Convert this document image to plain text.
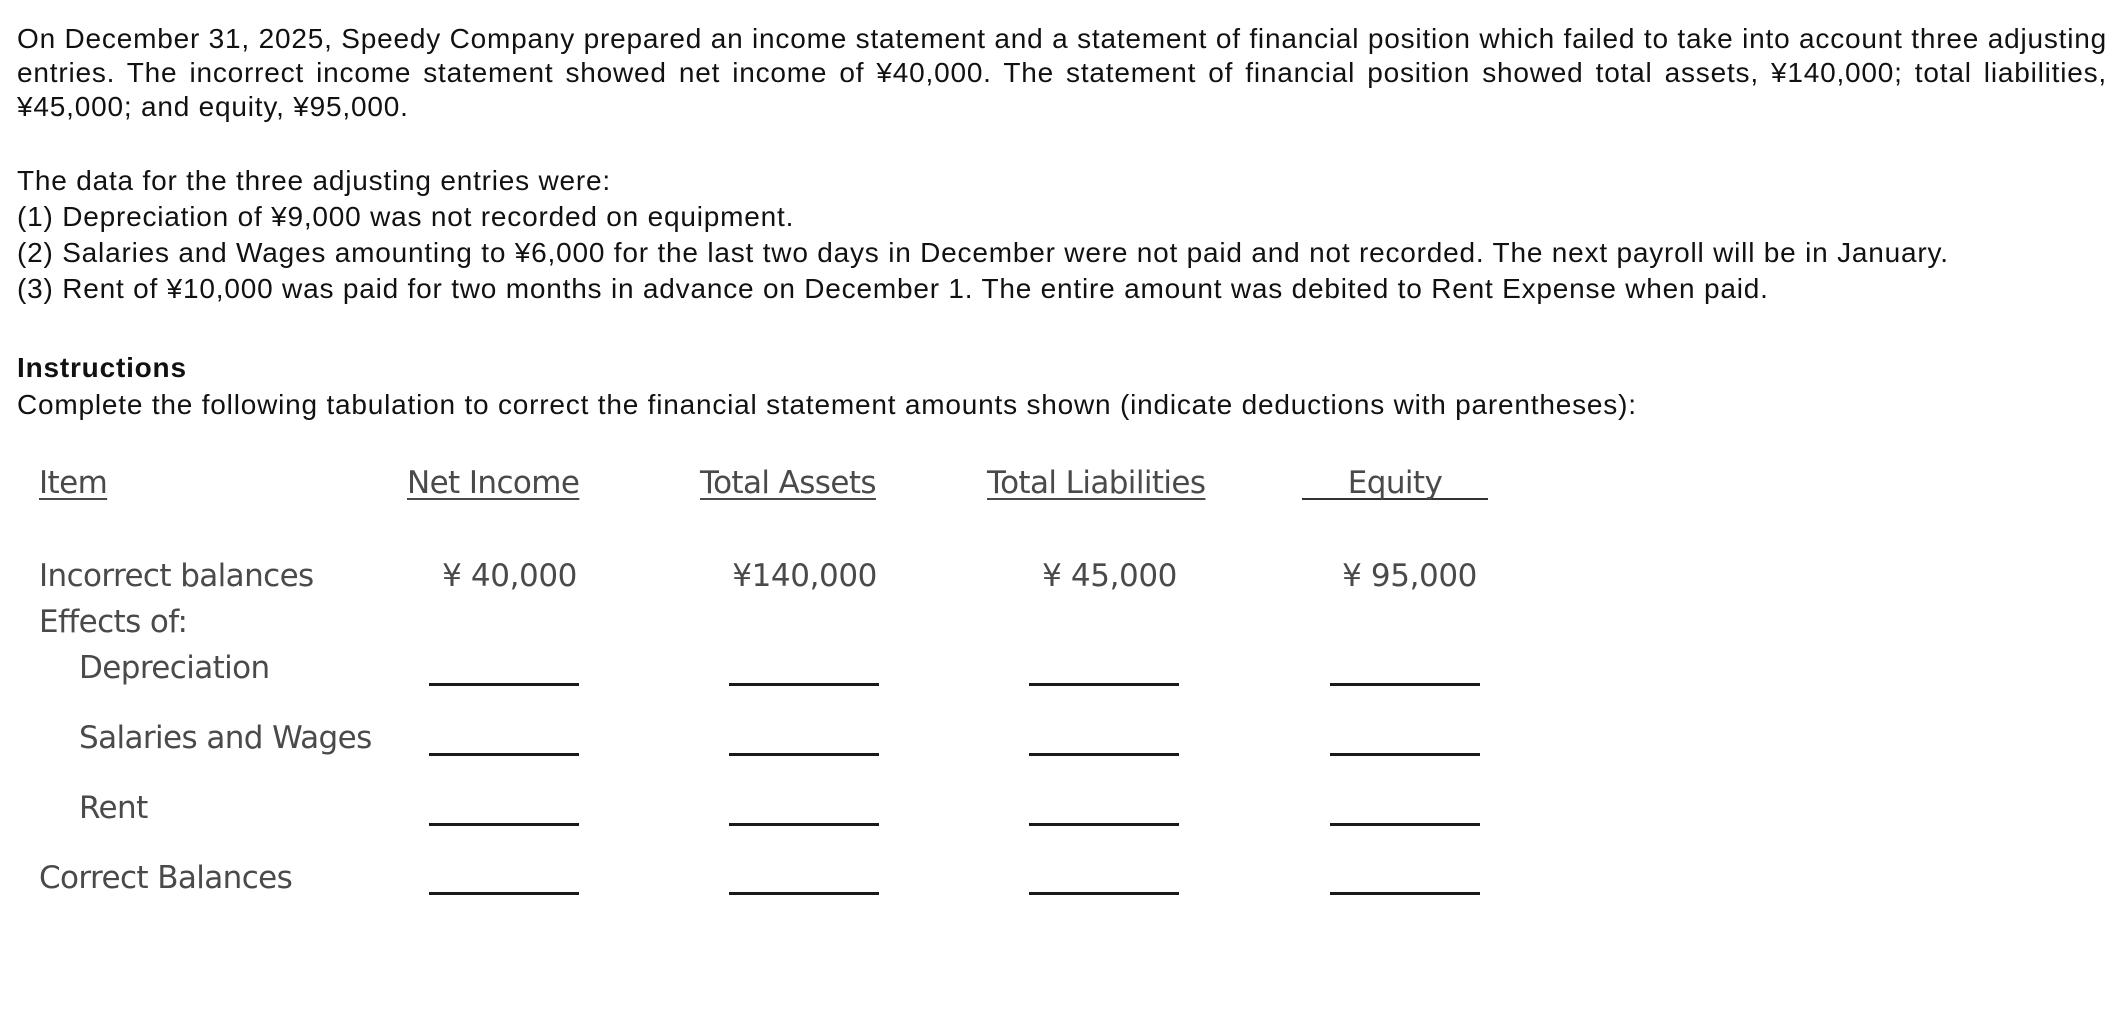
On December 31, 2025, Speedy Company prepared an income statement and a statement of financial position which failed to take into account three adjusting entries. The incorrect income statement showed net income of ¥40,000. The statement of financial position showed total assets, ¥140,000; total liabilities, ¥45,000; and equity, ¥95,000.
The data for the three adjusting entries were:
(1) Depreciation of ¥9,000 was not recorded on equipment.
(2) Salaries and Wages amounting to ¥6,000 for the last two days in December were not paid and not recorded. The next payroll will be in January.
(3) Rent of ¥10,000 was paid for two months in advance on December 1. The entire amount was debited to Rent Expense when paid.
Instructions
Complete the following tabulation to correct the financial statement amounts shown (indicate deductions with parentheses):
Item	Net Income	Total Assets	Total Liabilities	Equity
Incorrect balances	¥ 40,000	¥140,000	¥ 45,000	¥ 95,000
Effects of:
Depreciation
Salaries and Wages
Rent
Correct Balances
